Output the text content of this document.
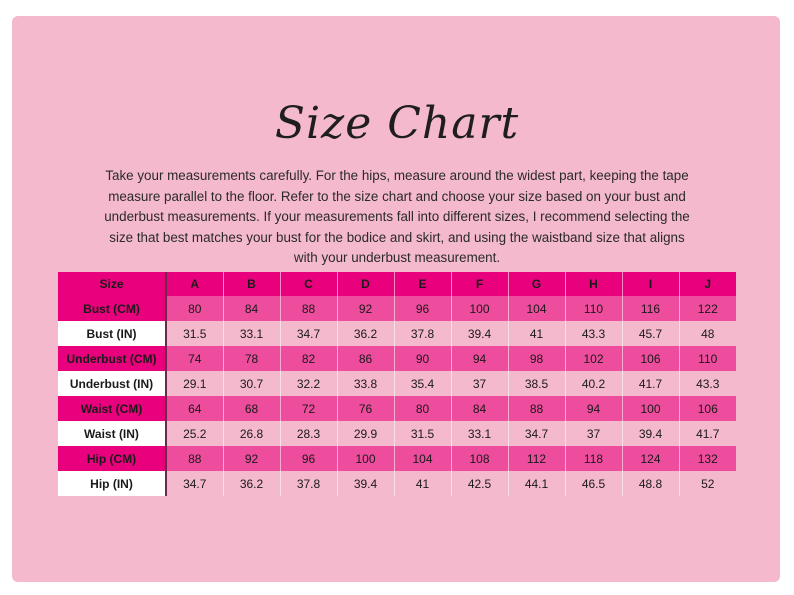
Size Chart
Take your measurements carefully. For the hips, measure around the widest part, keeping the tape measure parallel to the floor. Refer to the size chart and choose your size based on your bust and underbust measurements. If your measurements fall into different sizes, I recommend selecting the size that best matches your bust for the bodice and skirt, and using the waistband size that aligns with your underbust measurement.
Size	A	B	C	D	E	F	G	H	I	J
Bust (CM)	80	84	88	92	96	100	104	110	116	122
Bust (IN)	31.5	33.1	34.7	36.2	37.8	39.4	41	43.3	45.7	48
Underbust (CM)	74	78	82	86	90	94	98	102	106	110
Underbust (IN)	29.1	30.7	32.2	33.8	35.4	37	38.5	40.2	41.7	43.3
Waist (CM)	64	68	72	76	80	84	88	94	100	106
Waist (IN)	25.2	26.8	28.3	29.9	31.5	33.1	34.7	37	39.4	41.7
Hip (CM)	88	92	96	100	104	108	112	118	124	132
Hip (IN)	34.7	36.2	37.8	39.4	41	42.5	44.1	46.5	48.8	52
